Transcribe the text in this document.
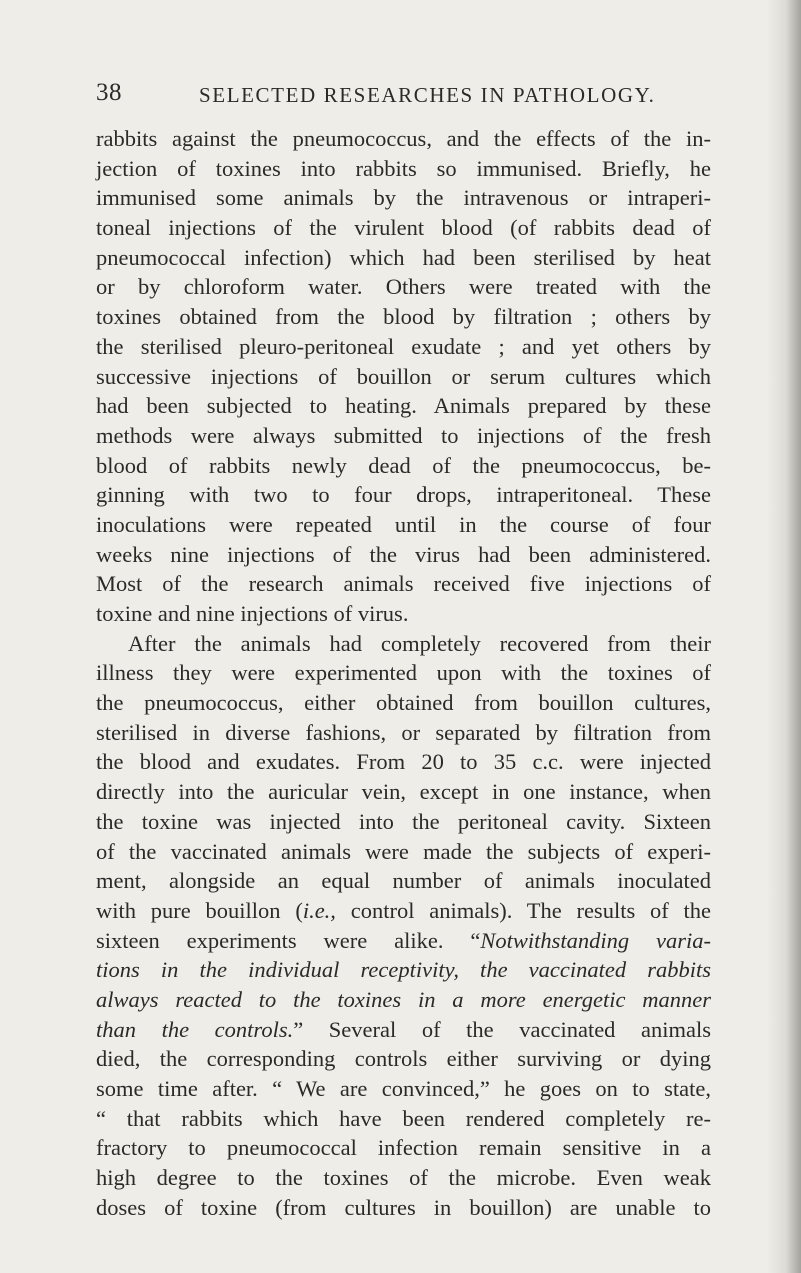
38	SELECTED RESEARCHES IN PATHOLOGY.
rabbits against the pneumococcus, and the effects of the in-
jection of toxines into rabbits so immunised. Briefly, he
immunised some animals by the intravenous or intraperi-
toneal injections of the virulent blood (of rabbits dead of
pneumococcal infection) which had been sterilised by heat
or by chloroform water. Others were treated with the
toxines obtained from the blood by filtration ; others by
the sterilised pleuro-peritoneal exudate ; and yet others by
successive injections of bouillon or serum cultures which
had been subjected to heating. Animals prepared by these
methods were always submitted to injections of the fresh
blood of rabbits newly dead of the pneumococcus, be-
ginning with two to four drops, intraperitoneal. These
inoculations were repeated until in the course of four
weeks nine injections of the virus had been administered.
Most of the research animals received five injections of
toxine and nine injections of virus.
After the animals had completely recovered from their
illness they were experimented upon with the toxines of
the pneumococcus, either obtained from bouillon cultures,
sterilised in diverse fashions, or separated by filtration from
the blood and exudates. From 20 to 35 c.c. were injected
directly into the auricular vein, except in one instance, when
the toxine was injected into the peritoneal cavity. Sixteen
of the vaccinated animals were made the subjects of experi-
ment, alongside an equal number of animals inoculated
with pure bouillon (i.e., control animals). The results of the
sixteen experiments were alike. “Notwithstanding varia-
tions in the individual receptivity, the vaccinated rabbits
always reacted to the toxines in a more energetic manner
than the controls.” Several of the vaccinated animals
died, the corresponding controls either surviving or dying
some time after. “ We are convinced,” he goes on to state,
“ that rabbits which have been rendered completely re-
fractory to pneumococcal infection remain sensitive in a
high degree to the toxines of the microbe. Even weak
doses of toxine (from cultures in bouillon) are unable to
